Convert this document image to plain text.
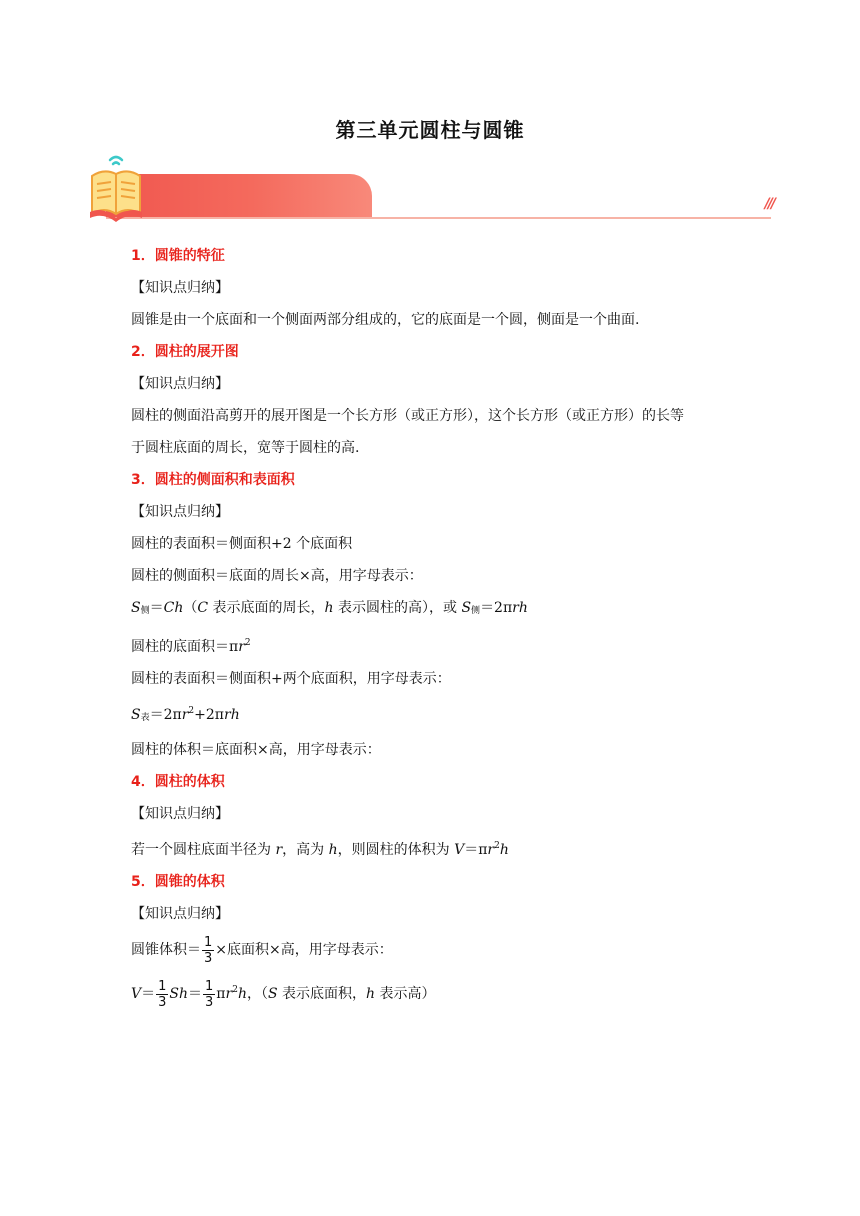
第三单元圆柱与圆锥
///
1．圆锥的特征
【知识点归纳】
圆锥是由一个底面和一个侧面两部分组成的，它的底面是一个圆，侧面是一个曲面.
2．圆柱的展开图
【知识点归纳】
圆柱的侧面沿高剪开的展开图是一个长方形（或正方形），这个长方形（或正方形）的长等
于圆柱底面的周长，宽等于圆柱的高.
3．圆柱的侧面积和表面积
【知识点归纳】
圆柱的表面积＝侧面积+2 个底面积
圆柱的侧面积＝底面的周长×高，用字母表示：
$S_侧=Ch(C$ 表示底面的周长，h 表示圆柱的高），或 $S_侧=2\pi rh$
圆柱的底面积$=\pi r^2$
圆柱的表面积＝侧面积+两个底面积，用字母表示：
$S_表=2\pi r^2+2\pi rh$
圆柱的体积＝底面积×高，用字母表示：
4．圆柱的体积
【知识点归纳】
若一个圆柱底面半径为 r，高为 h，则圆柱的体积为 $V=\pi r^2h$
5．圆锥的体积
【知识点归纳】
圆锥体积＝ $\frac{1}{3}$ ×底面积×高，用字母表示：
$V= \frac{1}{3} Sh= \frac{1}{3} \pi r^2h$，（S 表示底面积，h 表示高）
